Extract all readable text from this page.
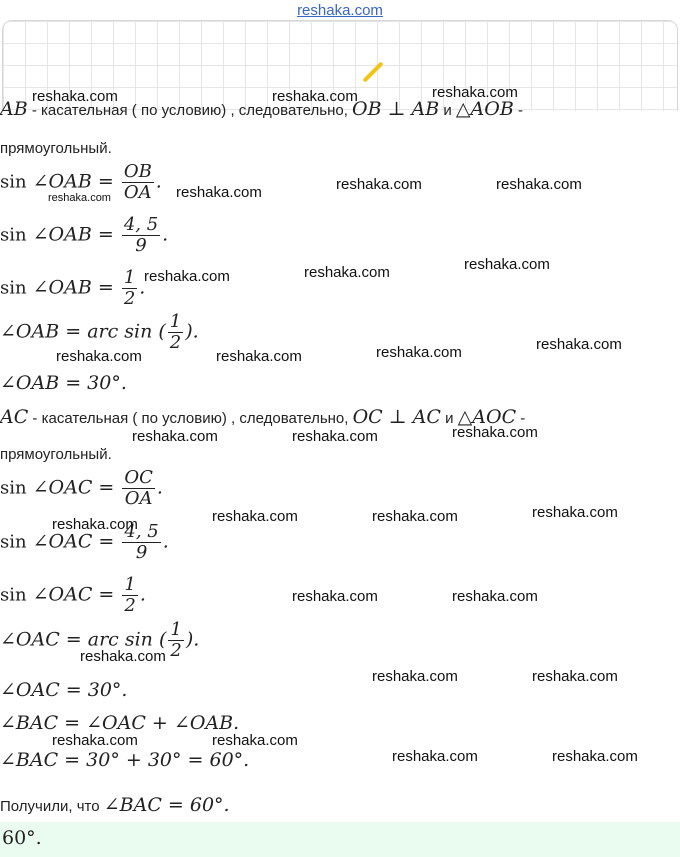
reshaka.com
AB - касательная ( по условию) , следовательно, OB ⊥ AB и △AOB -
прямоугольный.
sin ∠OAB = $\frac{OB}{OA}$ .
sin ∠OAB = $\frac{4, 5}{9}$ .
sin ∠OAB = $\frac{1}{2}$ .
∠OAB = arc sin ( $\frac{1}{2}$ ).
∠OAB = 30°.
AC - касательная ( по условию) , следовательно, OC ⊥ AC и △AOC -
прямоугольный.
sin ∠OAC = $\frac{OC}{OA}$ .
sin ∠OAC = $\frac{4, 5}{9}$ .
sin ∠OAC = $\frac{1}{2}$ .
∠OAC = arc sin ( $\frac{1}{2}$ ).
∠OAC = 30°.
∠BAC = ∠OAC + ∠OAB.
∠BAC = 30° + 30° = 60°.
Получили, что ∠BAC = 60°.
60°.
reshaka.com	reshaka.com	reshaka.com
reshaka.com	reshaka.com	reshaka.com	reshaka.com
reshaka.com	reshaka.com	reshaka.com
reshaka.com	reshaka.com	reshaka.com	reshaka.com
reshaka.com	reshaka.com	reshaka.com
reshaka.com	reshaka.com	reshaka.com	reshaka.com
reshaka.com	reshaka.com
reshaka.com
reshaka.com	reshaka.com
reshaka.com	reshaka.com
reshaka.com	reshaka.com
